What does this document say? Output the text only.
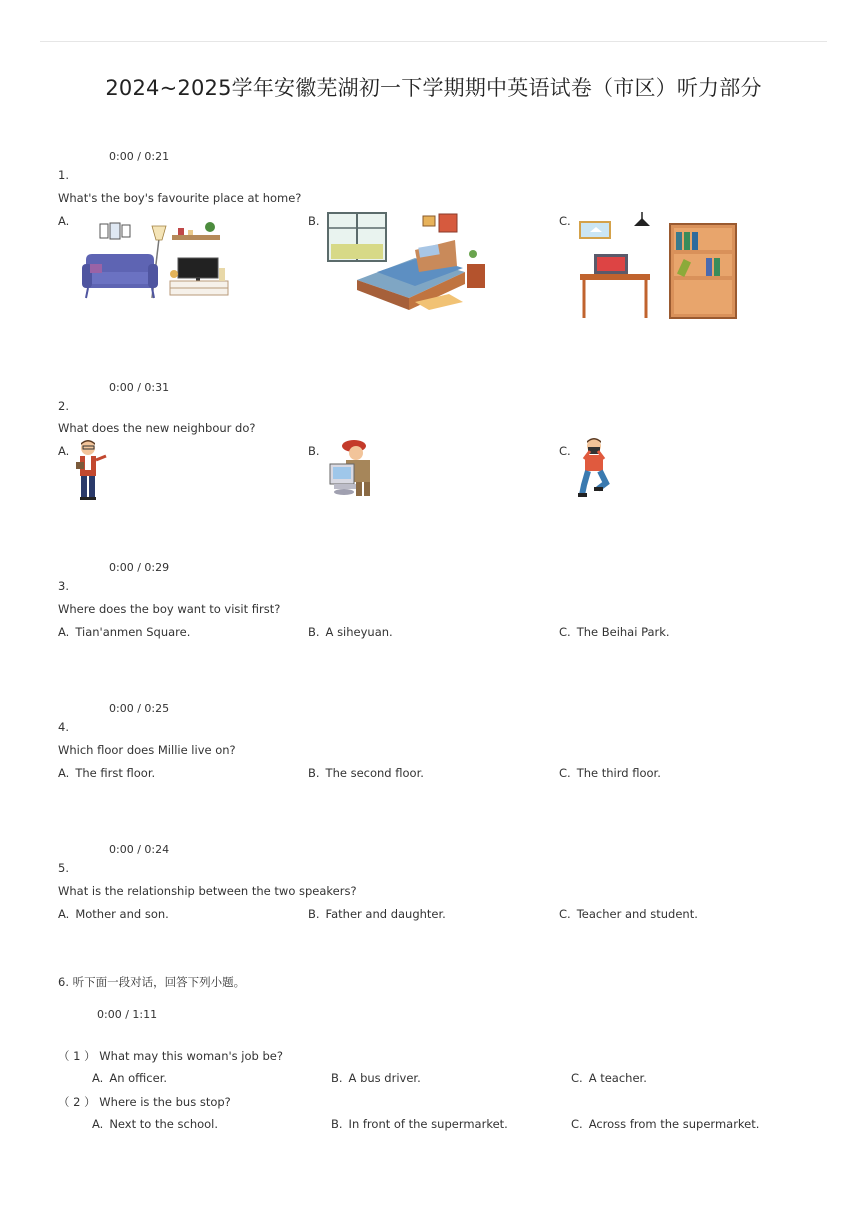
2024~2025学年安徽芜湖初一下学期期中英语试卷（市区）听力部分
0:00 / 0:21
1.
What's the boy's favourite place at home?
A.	B.	C.
0:00 / 0:31
2.
What does the new neighbour do?
A.	B.	C.
0:00 / 0:29
3.
Where does the boy want to visit first?
A. Tian'anmen Square.	B. A siheyuan.	C. The Beihai Park.
0:00 / 0:25
4.
Which floor does Millie live on?
A. The first floor.	B. The second floor.	C. The third floor.
0:00 / 0:24
5.
What is the relationship between the two speakers?
A. Mother and son.	B. Father and daughter.	C. Teacher and student.
6. 听下面一段对话，回答下列小题。
0:00 / 1:11
（ 1 ） What may this woman's job be?
A. An officer.	B. A bus driver.	C. A teacher.
（ 2 ） Where is the bus stop?
A. Next to the school.	B. In front of the supermarket.	C. Across from the supermarket.
